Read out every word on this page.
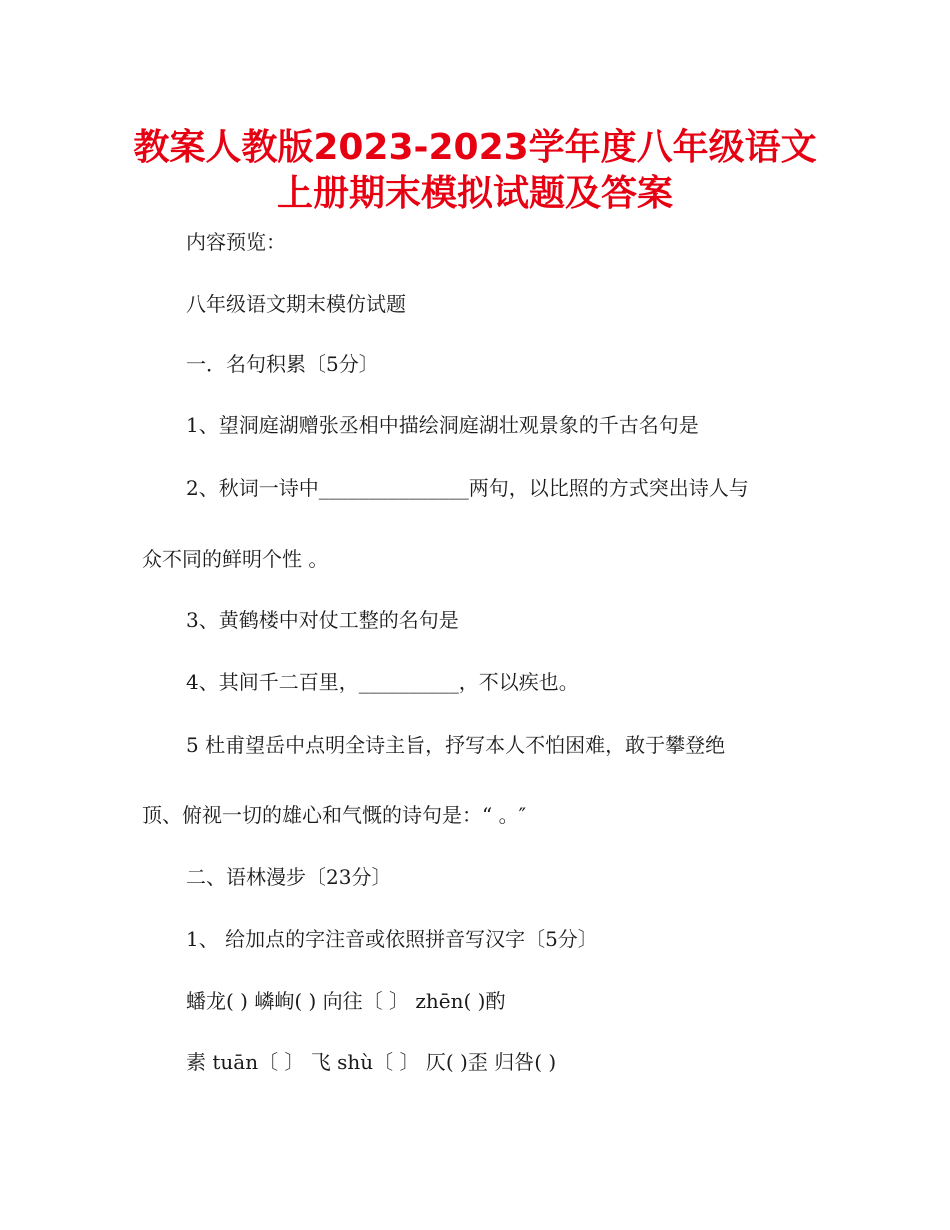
教案人教版2023-2023学年度八年级语文
上册期末模拟试题及答案
内容预览：
八年级语文期末模仿试题
一．名句积累〔5分〕
1、望洞庭湖赠张丞相中描绘洞庭湖壮观景象的千古名句是
2、秋词一诗中_______________两句，以比照的方式突出诗人与
众不同的鲜明个性 。
3、黄鹤楼中对仗工整的名句是
4、其间千二百里，__________，不以疾也。
5 杜甫望岳中点明全诗主旨，抒写本人不怕困难，敢于攀登绝
顶、俯视一切的雄心和气慨的诗句是：“ 。″
二、语林漫步〔23分〕
1、 给加点的字注音或依照拼音写汉字〔5分〕
蟠龙( ) 嶙峋( ) 向往〔 〕 zhēn( )酌
素 tuān〔 〕 飞 shù〔 〕 仄( )歪 归咎( )
